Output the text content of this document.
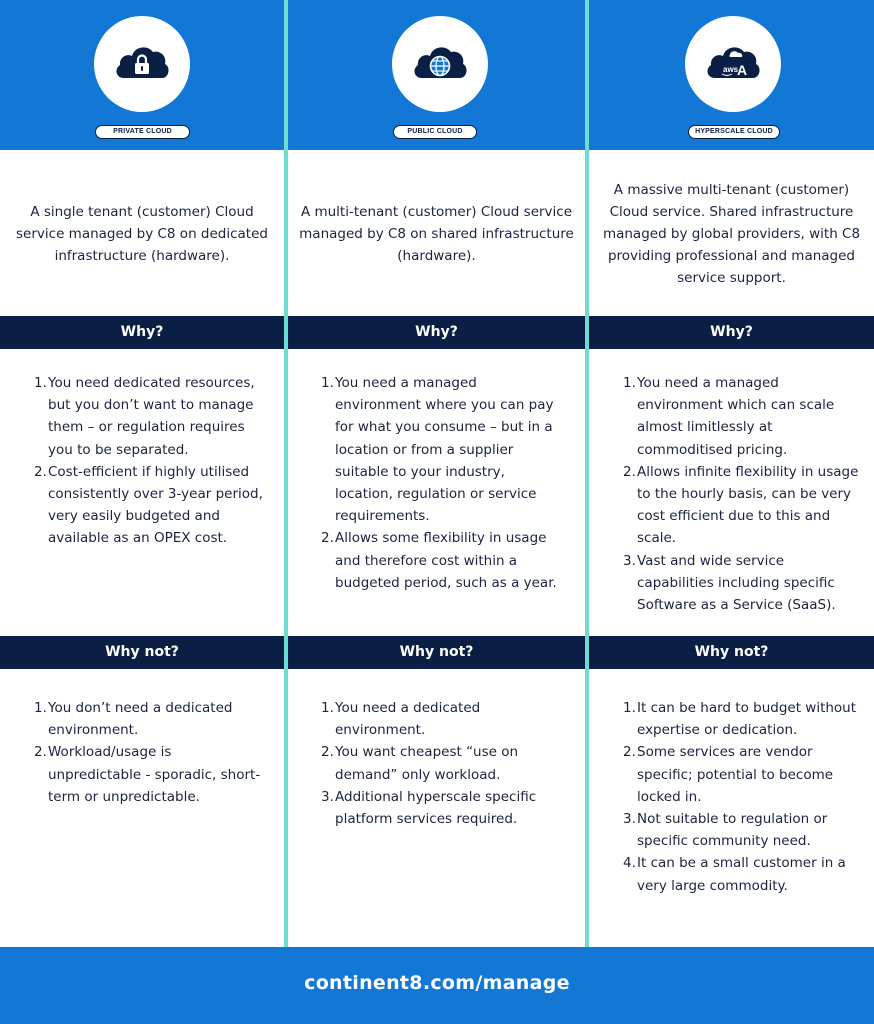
PRIVATE CLOUD
A single tenant (customer) Cloud service managed by C8 on dedicated infrastructure (hardware).
Why?
1. You need dedicated resources, but you don’t want to manage them – or regulation requires you to be separated.
2. Cost-efficient if highly utilised consistently over 3-year period, very easily budgeted and available as an OPEX cost.
Why not?
1. You don’t need a dedicated environment.
2. Workload/usage is unpredictable - sporadic, short-term or unpredictable.
PUBLIC CLOUD
A multi-tenant (customer) Cloud service managed by C8 on shared infrastructure (hardware).
Why?
1. You need a managed environment where you can pay for what you consume – but in a location or from a supplier suitable to your industry, location, regulation or service requirements.
2. Allows some flexibility in usage and therefore cost within a budgeted period, such as a year.
Why not?
1. You need a dedicated environment.
2. You want cheapest “use on demand” only workload.
3. Additional hyperscale specific platform services required.
aws
A
HYPERSCALE CLOUD
A massive multi-tenant (customer) Cloud service. Shared infrastructure managed by global providers, with C8 providing professional and managed service support.
Why?
1. You need a managed environment which can scale almost limitlessly at commoditised pricing.
2. Allows infinite flexibility in usage to the hourly basis, can be very cost efficient due to this and scale.
3. Vast and wide service capabilities including specific Software as a Service (SaaS).
Why not?
1. It can be hard to budget without expertise or dedication.
2. Some services are vendor specific; potential to become locked in.
3. Not suitable to regulation or specific community need.
4. It can be a small customer in a very large commodity.
continent8.com/manage
